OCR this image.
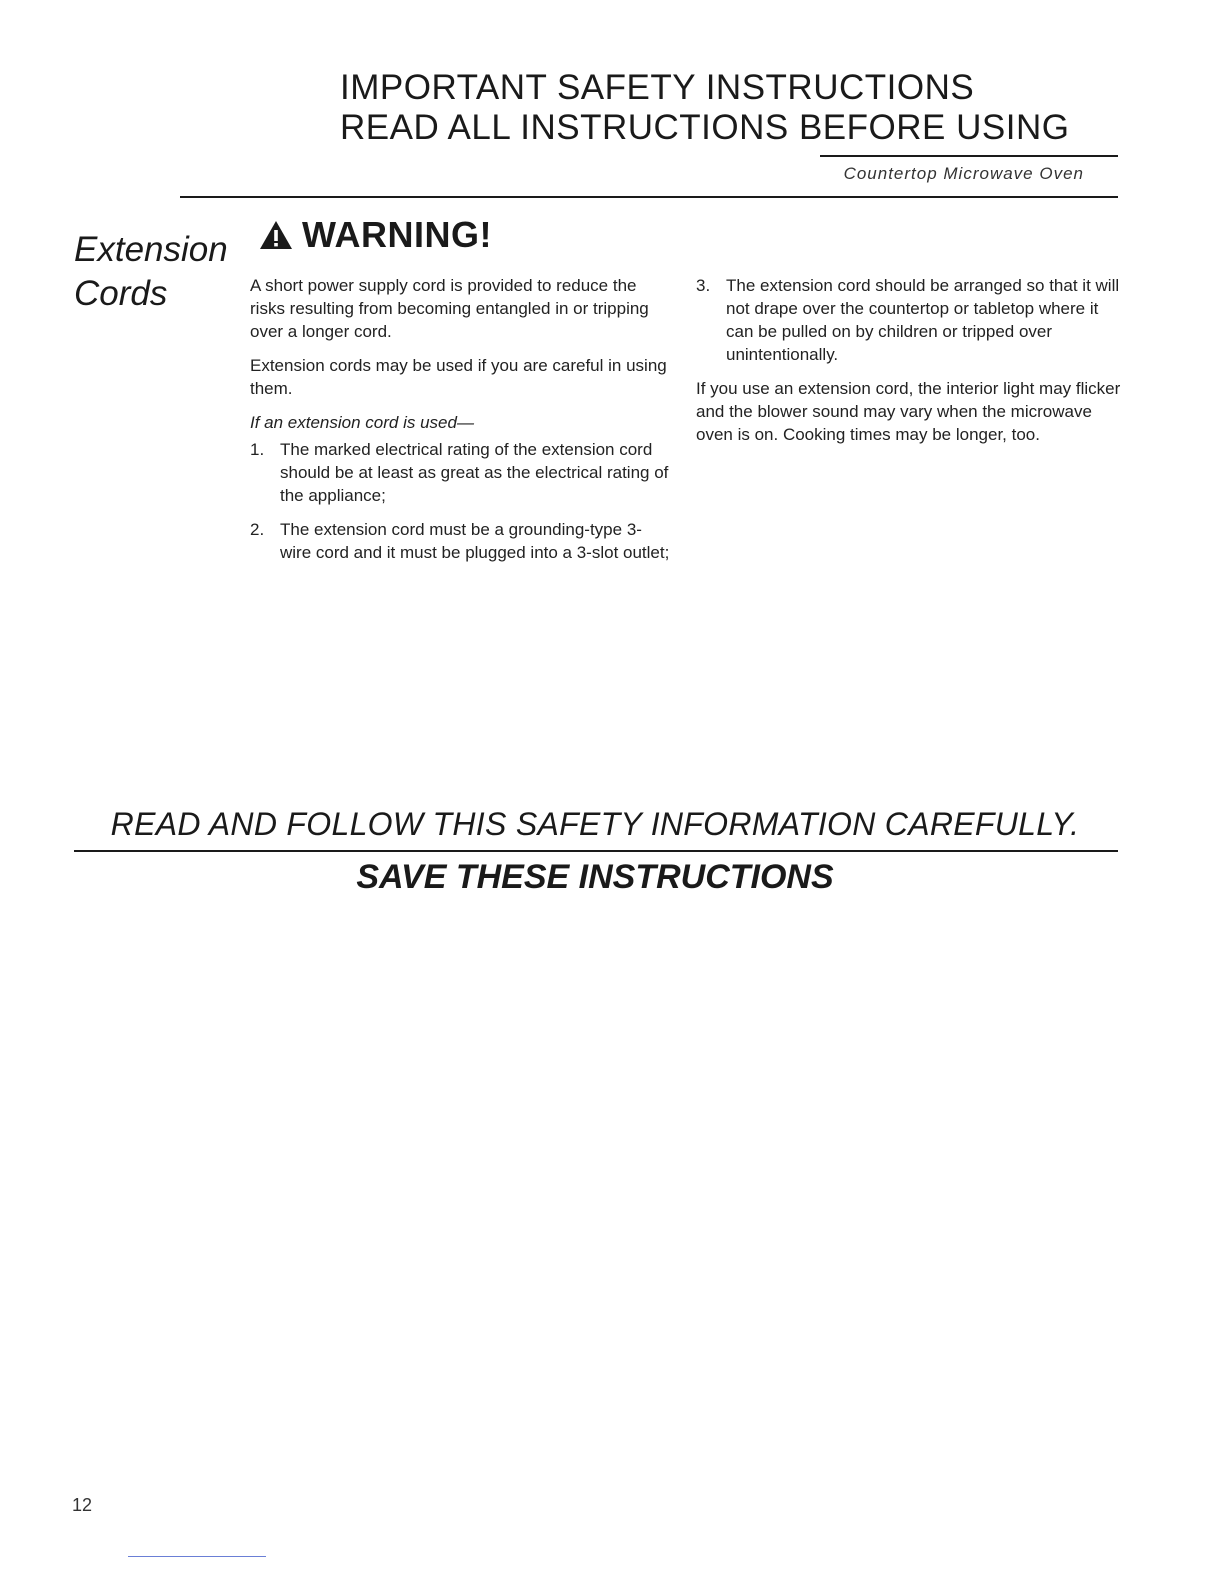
IMPORTANT SAFETY INSTRUCTIONS
READ ALL INSTRUCTIONS BEFORE USING
Countertop Microwave Oven
Extension
Cords
WARNING!

A short power supply cord is provided to reduce the risks resulting from becoming entangled in or tripping over a longer cord.

Extension cords may be used if you are careful in using them.

If an extension cord is used—

1. The marked electrical rating of the extension cord should be at least as great as the electrical rating of the appliance;
2. The extension cord must be a grounding-type 3-wire cord and it must be plugged into a 3-slot outlet;
3. The extension cord should be arranged so that it will not drape over the countertop or tabletop where it can be pulled on by children or tripped over unintentionally.

If you use an extension cord, the interior light may flicker and the blower sound may vary when the microwave oven is on. Cooking times may be longer, too.

READ AND FOLLOW THIS SAFETY INFORMATION CAREFULLY.
SAVE THESE INSTRUCTIONS
12
